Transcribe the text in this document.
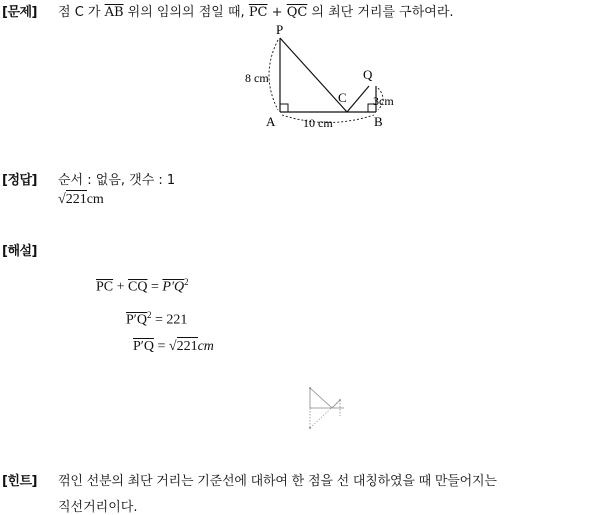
[문제] 점 C 가 $\overline{AB}$ 위의 임의의 점일 때, $\overline{PC} + \overline{QC}$ 의 최단 거리를 구하여라.
P
Q
C
A	B
8 cm
3cm
10 cm
[정답] 순서 : 없음, 갯수 : 1
√221cm
[해설]
$\overline{PC} + \overline{CQ} = P'Q^2$
$P'Q^2 = 221$
P′Q = √221cm
[힌트] 꺾인 선분의 최단 거리는 기준선에 대하여 한 점을 선 대칭하였을 때 만들어지는
직선거리이다.
